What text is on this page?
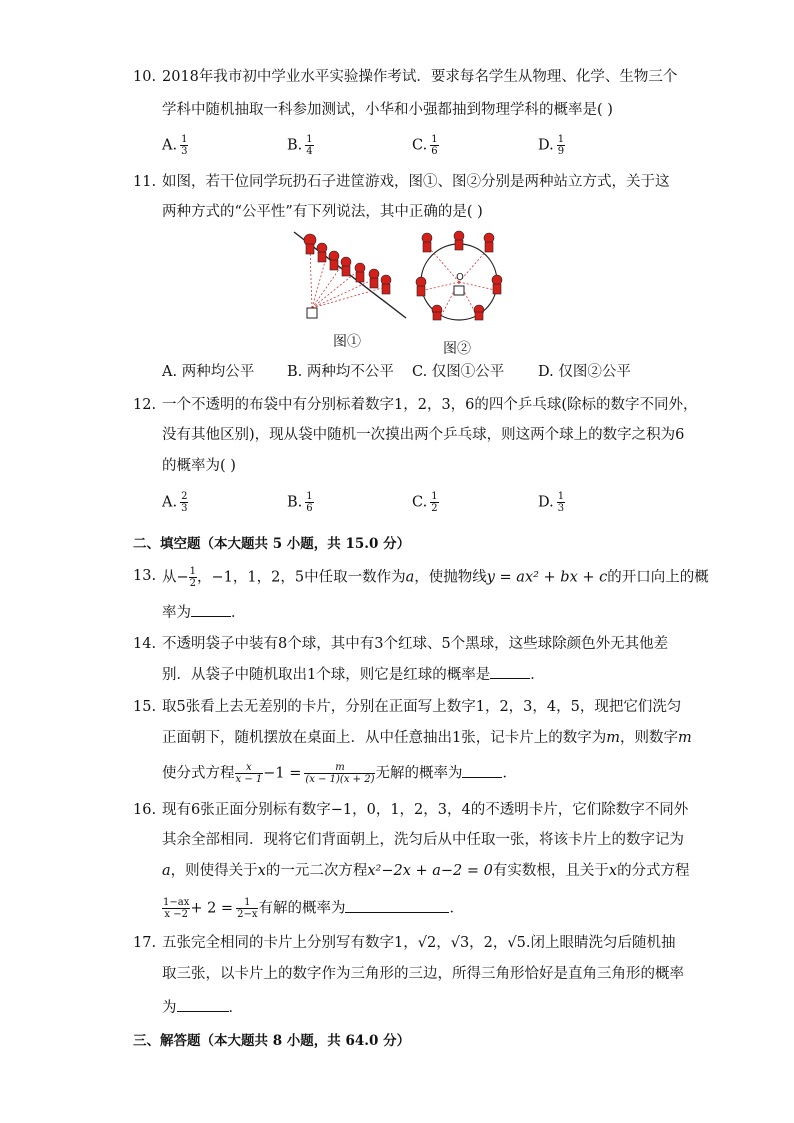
10. 2018年我市初中学业水平实验操作考试．要求每名学生从物理、化学、生物三个
学科中随机抽取一科参加测试，小华和小强都抽到物理学科的概率是( )
A. $\frac{1}{3}$	B. $\frac{1}{4}$	C. $\frac{1}{6}$	D. $\frac{1}{9}$
11. 如图，若干位同学玩扔石子进筐游戏，图①、图②分别是两种站立方式，关于这
两种方式的“公平性”有下列说法，其中正确的是( )
图①
O
图②
A. 两种均公平 B. 两种均不公平 C. 仅图①公平 D. 仅图②公平
12. 一个不透明的布袋中有分别标着数字1，2，3，6的四个乒乓球(除标的数字不同外，
没有其他区别)，现从袋中随机一次摸出两个乒乓球，则这两个球上的数字之积为6
的概率为( )
A. $\frac{2}{3}$	B. $\frac{1}{6}$	C. $\frac{1}{2}$	D. $\frac{1}{3}$
二、填空题（本大题共 5 小题，共 15.0 分）
13. 从− $\frac{1}{2}$ ，−1，1，2，5中任取一数作为a，使抛物线y = ax² + bx + c的开口向上的概
率为	．
14. 不透明袋子中装有8个球，其中有3个红球、5个黑球，这些球除颜色外无其他差
别．从袋子中随机取出1个球，则它是红球的概率是	．
15. 取5张看上去无差别的卡片，分别在正面写上数字1，2，3，4，5，现把它们洗匀
正面朝下，随机摆放在桌面上．从中任意抽出1张，记卡片上的数字为m，则数字m
使分式方程 $\frac{x}{x - 1} -1 = \frac{m}{(x - 1)(x + 2)}$ 无解的概率为	．
16. 现有6张正面分别标有数字−1，0，1，2，3，4的不透明卡片，它们除数字不同外
其余全部相同．现将它们背面朝上，洗匀后从中任取一张，将该卡片上的数字记为
a，则使得关于x的一元二次方程x²−2x + a−2 = 0有实数根，且关于x的分式方程
$\frac{1-ax}{x -2} + 2 = \frac{1}{2-x}$ 有解的概率为	．
17. 五张完全相同的卡片上分别写有数字1，√2，√3，2，√5.闭上眼睛洗匀后随机抽
取三张，以卡片上的数字作为三角形的三边，所得三角形恰好是直角三角形的概率
为	．
三、解答题（本大题共 8 小题，共 64.0 分）
